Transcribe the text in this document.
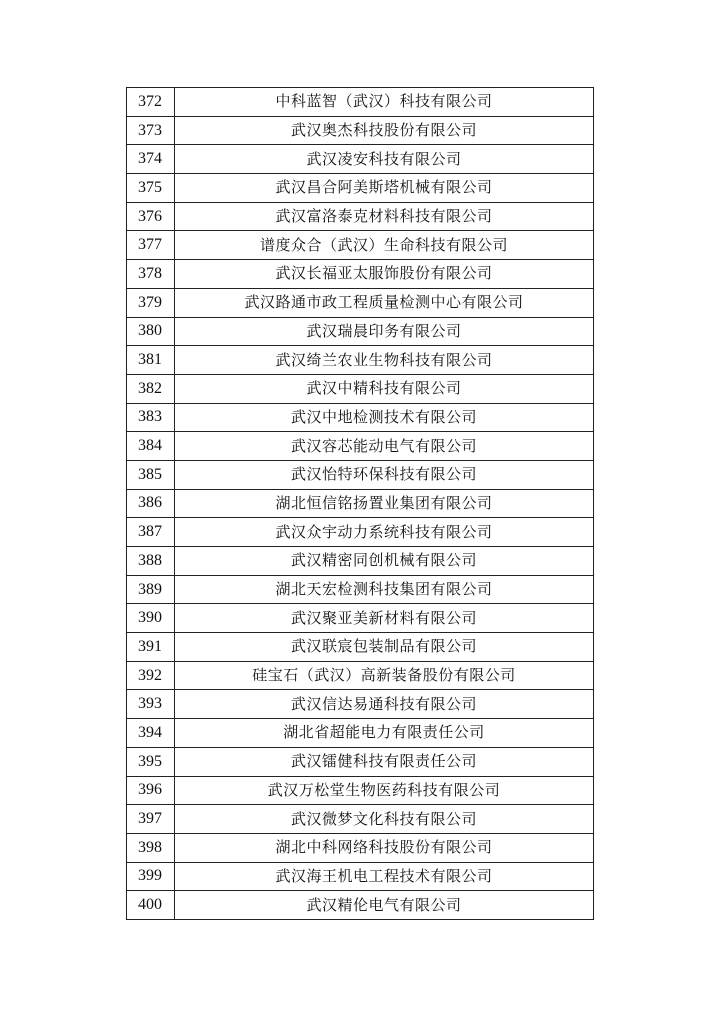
372	中科蓝智（武汉）科技有限公司
373	武汉奥杰科技股份有限公司
374	武汉凌安科技有限公司
375	武汉昌合阿美斯塔机械有限公司
376	武汉富洛泰克材料科技有限公司
377	谱度众合（武汉）生命科技有限公司
378	武汉长福亚太服饰股份有限公司
379	武汉路通市政工程质量检测中心有限公司
380	武汉瑞晨印务有限公司
381	武汉绮兰农业生物科技有限公司
382	武汉中精科技有限公司
383	武汉中地检测技术有限公司
384	武汉容芯能动电气有限公司
385	武汉怡特环保科技有限公司
386	湖北恒信铭扬置业集团有限公司
387	武汉众宇动力系统科技有限公司
388	武汉精密同创机械有限公司
389	湖北天宏检测科技集团有限公司
390	武汉聚亚美新材料有限公司
391	武汉联宸包装制品有限公司
392	硅宝石（武汉）高新装备股份有限公司
393	武汉信达易通科技有限公司
394	湖北省超能电力有限责任公司
395	武汉镭健科技有限责任公司
396	武汉万松堂生物医药科技有限公司
397	武汉微梦文化科技有限公司
398	湖北中科网络科技股份有限公司
399	武汉海王机电工程技术有限公司
400	武汉精伦电气有限公司
